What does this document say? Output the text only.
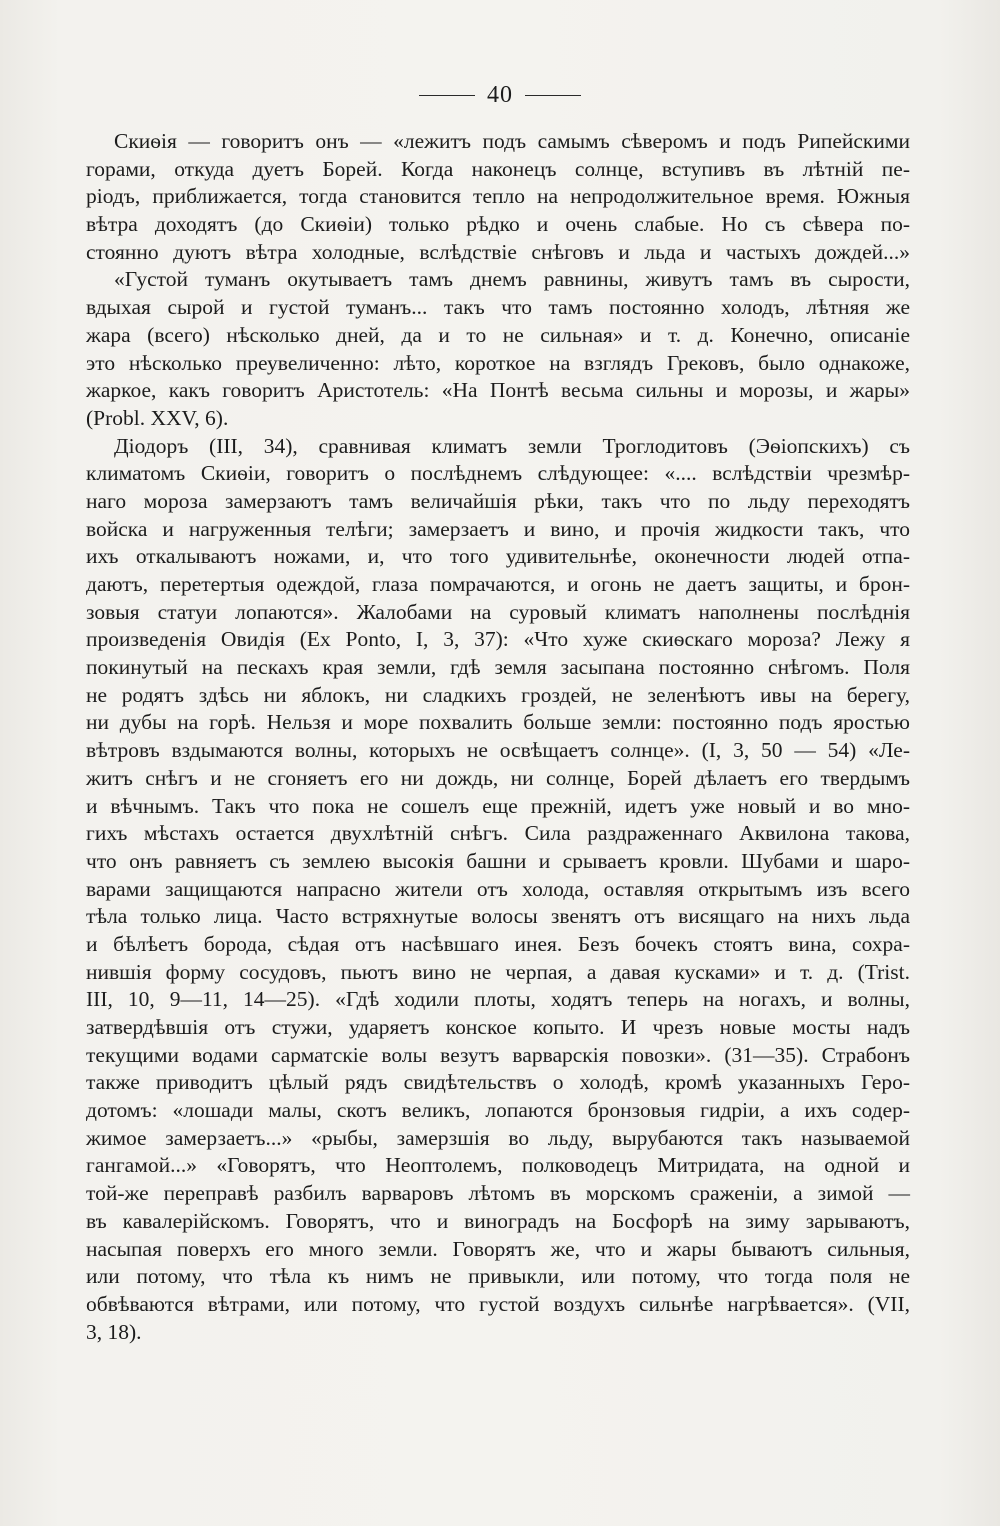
40
Скиѳія — говоритъ онъ — «лежитъ подъ самымъ сѣверомъ и подъ Рипейскими
горами, откуда дуетъ Борей. Когда наконецъ солнце, вступивъ въ лѣтній пе-
ріодъ, приближается, тогда становится тепло на непродолжительное время. Южныя
вѣтра доходятъ (до Скиѳіи) только рѣдко и очень слабые. Но съ сѣвера по-
стоянно дуютъ вѣтра холодные, вслѣдствіе снѣговъ и льда и частыхъ дождей...»
«Густой туманъ окутываетъ тамъ днемъ равнины, живутъ тамъ въ сырости,
вдыхая сырой и густой туманъ... такъ что тамъ постоянно холодъ, лѣтняя же
жара (всего) нѣсколько дней, да и то не сильная» и т. д. Конечно, описаніе
это нѣсколько преувеличенно: лѣто, короткое на взглядъ Грековъ, было однакоже,
жаркое, какъ говоритъ Аристотель: «На Понтѣ весьма сильны и морозы, и жары»
(Probl. XXV, 6).
Діодоръ (III, 34), сравнивая климатъ земли Троглодитовъ (Эѳіопскихъ) съ
климатомъ Скиѳіи, говоритъ о послѣднемъ слѣдующее: «.... вслѣдствіи чрезмѣр-
наго мороза замерзаютъ тамъ величайшія рѣки, такъ что по льду переходятъ
войска и нагруженныя телѣги; замерзаетъ и вино, и прочія жидкости такъ, что
ихъ откалываютъ ножами, и, что того удивительнѣе, оконечности людей отпа-
даютъ, перетертыя одеждой, глаза помрачаются, и огонь не даетъ защиты, и брон-
зовыя статуи лопаются». Жалобами на суровый климатъ наполнены послѣднія
произведенія Овидія (Ex Ponto, I, 3, 37): «Что хуже скиѳскаго мороза? Лежу я
покинутый на пескахъ края земли, гдѣ земля засыпана постоянно снѣгомъ. Поля
не родятъ здѣсь ни яблокъ, ни сладкихъ гроздей, не зеленѣютъ ивы на берегу,
ни дубы на горѣ. Нельзя и море похвалить больше земли: постоянно подъ яростью
вѣтровъ вздымаются волны, которыхъ не освѣщаетъ солнце». (I, 3, 50 — 54) «Ле-
житъ снѣгъ и не сгоняетъ его ни дождь, ни солнце, Борей дѣлаетъ его твердымъ
и вѣчнымъ. Такъ что пока не сошелъ еще прежній, идетъ уже новый и во мно-
гихъ мѣстахъ остается двухлѣтній снѣгъ. Сила раздраженнаго Аквилона такова,
что онъ равняетъ съ землею высокія башни и срываетъ кровли. Шубами и шаро-
варами защищаются напрасно жители отъ холода, оставляя открытымъ изъ всего
тѣла только лица. Часто встряхнутые волосы звенятъ отъ висящаго на нихъ льда
и бѣлѣетъ борода, сѣдая отъ насѣвшаго инея. Безъ бочекъ стоятъ вина, сохра-
нившія форму сосудовъ, пьютъ вино не черпая, а давая кусками» и т. д. (Trist.
III, 10, 9—11, 14—25). «Гдѣ ходили плоты, ходятъ теперь на ногахъ, и волны,
затвердѣвшія отъ стужи, ударяетъ конское копыто. И чрезъ новые мосты надъ
текущими водами сарматскіе волы везутъ варварскія повозки». (31—35). Страбонъ
также приводитъ цѣлый рядъ свидѣтельствъ о холодѣ, кромѣ указанныхъ Геро-
дотомъ: «лошади малы, скотъ великъ, лопаются бронзовыя гидріи, а ихъ содер-
жимое замерзаетъ...» «рыбы, замерзшія во льду, вырубаются такъ называемой
гангамой...» «Говорятъ, что Неоптолемъ, полководецъ Митридата, на одной и
той-же переправѣ разбилъ варваровъ лѣтомъ въ морскомъ сраженіи, а зимой —
въ кавалерійскомъ. Говорятъ, что и виноградъ на Босфорѣ на зиму зарываютъ,
насыпая поверхъ его много земли. Говорятъ же, что и жары бываютъ сильныя,
или потому, что тѣла къ нимъ не привыкли, или потому, что тогда поля не
обвѣваются вѣтрами, или потому, что густой воздухъ сильнѣе нагрѣвается». (VII,
3, 18).
